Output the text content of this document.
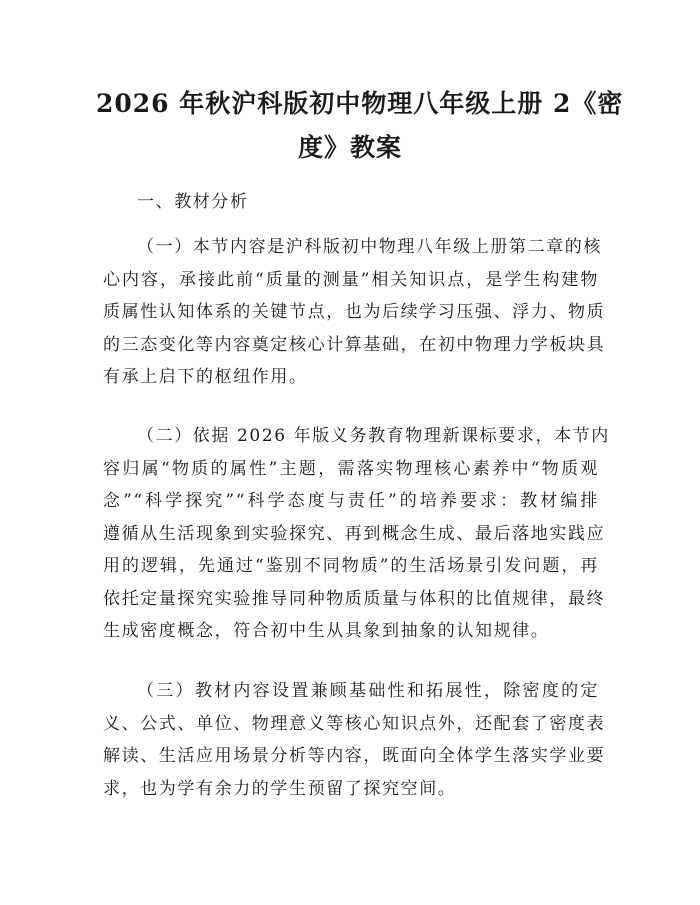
2026 年秋沪科版初中物理八年级上册 2《密
度》教案
一、教材分析

（一）本节内容是沪科版初中物理八年级上册第二章的核
心内容，承接此前“质量的测量”相关知识点，是学生构建物
质属性认知体系的关键节点，也为后续学习压强、浮力、物质
的三态变化等内容奠定核心计算基础，在初中物理力学板块具
有承上启下的枢纽作用。

（二）依据 2026 年版义务教育物理新课标要求，本节内
容归属“物质的属性”主题，需落实物理核心素养中“物质观
念”“科学探究”“科学态度与责任”的培养要求：教材编排
遵循从生活现象到实验探究、再到概念生成、最后落地实践应
用的逻辑，先通过“鉴别不同物质”的生活场景引发问题，再
依托定量探究实验推导同种物质质量与体积的比值规律，最终
生成密度概念，符合初中生从具象到抽象的认知规律。

（三）教材内容设置兼顾基础性和拓展性，除密度的定
义、公式、单位、物理意义等核心知识点外，还配套了密度表
解读、生活应用场景分析等内容，既面向全体学生落实学业要
求，也为学有余力的学生预留了探究空间。
